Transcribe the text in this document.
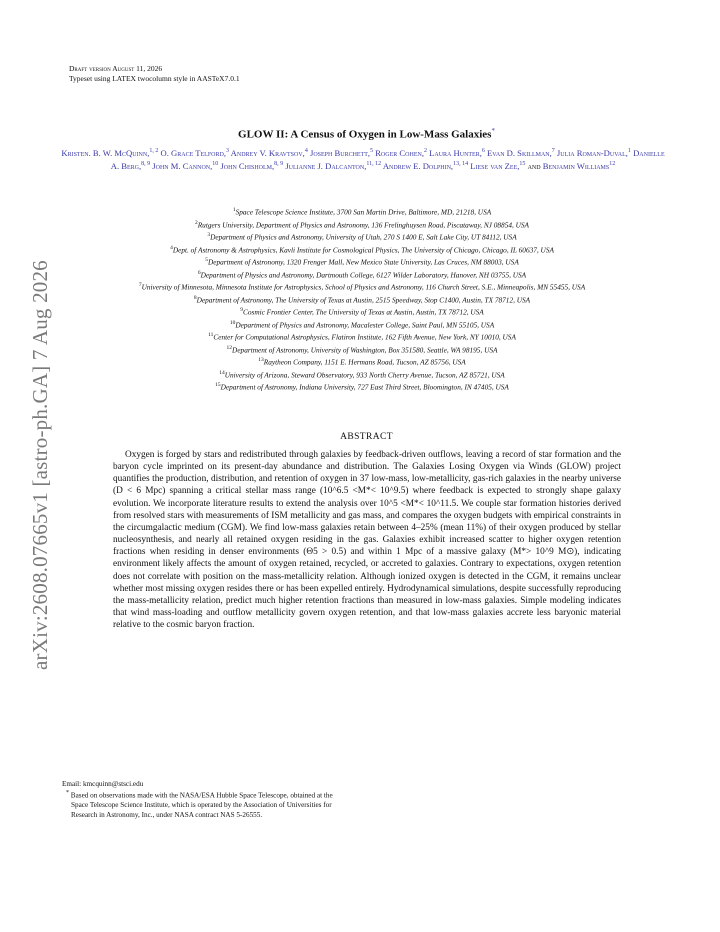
arXiv:2608.07665v1 [astro-ph.GA] 7 Aug 2026
Draft version August 11, 2026
Typeset using LATEX twocolumn style in AASTeX7.0.1
GLOW II: A Census of Oxygen in Low-Mass Galaxies*
Kristen. B. W. McQuinn,$^{1, 2}$ O. Grace Telford,$^3$ Andrey V. Kravtsov,$^4$ Joseph Burchett,$^5$ Roger Cohen,$^2$ Laura Hunter,$^6$ Evan D. Skillman,$^7$ Julia Roman-Duval,$^1$ Danielle A. Berg,$^{8, 9}$ John M. Cannon,$^{10}$ John Chisholm,$^{8, 9}$ Julianne J. Dalcanton,$^{11, 12}$ Andrew E. Dolphin,$^{13, 14}$ Liese van Zee,$^{15}$ and Benjamin Williams$^{12}$
$^1$Space Telescope Science Institute, 3700 San Martin Drive, Baltimore, MD, 21218, USA
$^2$Rutgers University, Department of Physics and Astronomy, 136 Frelinghuysen Road, Piscataway, NJ 08854, USA
$^3$Department of Physics and Astronomy, University of Utah, 270 S 1400 E, Salt Lake City, UT 84112, USA
$^4$Dept. of Astronomy & Astrophysics, Kavli Institute for Cosmological Physics, The University of Chicago, Chicago, IL 60637, USA
$^5$Department of Astronomy, 1320 Frenger Mall, New Mexico State University, Las Cruces, NM 88003, USA
$^6$Department of Physics and Astronomy, Dartmouth College, 6127 Wilder Laboratory, Hanover, NH 03755, USA
$^7$University of Minnesota, Minnesota Institute for Astrophysics, School of Physics and Astronomy, 116 Church Street, S.E., Minneapolis, MN 55455, USA
$^8$Department of Astronomy, The University of Texas at Austin, 2515 Speedway, Stop C1400, Austin, TX 78712, USA
$^9$Cosmic Frontier Center, The University of Texas at Austin, Austin, TX 78712, USA
$^{10}$Department of Physics and Astronomy, Macalester College, Saint Paul, MN 55105, USA
$^{11}$Center for Computational Astrophysics, Flatiron Institute, 162 Fifth Avenue, New York, NY 10010, USA
$^{12}$Department of Astronomy, University of Washington, Box 351580, Seattle, WA 98195, USA
$^{13}$Raytheon Company, 1151 E. Hermans Road, Tucson, AZ 85756, USA
$^{14}$University of Arizona, Steward Observatory, 933 North Cherry Avenue, Tucson, AZ 85721, USA
$^{15}$Department of Astronomy, Indiana University, 727 East Third Street, Bloomington, IN 47405, USA
ABSTRACT
Oxygen is forged by stars and redistributed through galaxies by feedback-driven outflows, leaving a record of star formation and the baryon cycle imprinted on its present-day abundance and distribution. The Galaxies Losing Oxygen via Winds (GLOW) project quantifies the production, distribution, and retention of oxygen in 37 low-mass, low-metallicity, gas-rich galaxies in the nearby universe (D < 6 Mpc) spanning a critical stellar mass range (10^6.5 <M*< 10^9.5) where feedback is expected to strongly shape galaxy evolution. We incorporate literature results to extend the analysis over 10^5 <M*< 10^11.5. We couple star formation histories derived from resolved stars with measurements of ISM metallicity and gas mass, and compares the oxygen budgets with empirical constraints in the circumgalactic medium (CGM). We find low-mass galaxies retain between 4–25% (mean 11%) of their oxygen produced by stellar nucleosynthesis, and nearly all retained oxygen residing in the gas. Galaxies exhibit increased scatter to higher oxygen retention fractions when residing in denser environments (Θ5 > 0.5) and within 1 Mpc of a massive galaxy (M*> 10^9 M⊙), indicating environment likely affects the amount of oxygen retained, recycled, or accreted to galaxies. Contrary to expectations, oxygen retention does not correlate with position on the mass-metallicity relation. Although ionized oxygen is detected in the CGM, it remains unclear whether most missing oxygen resides there or has been expelled entirely. Hydrodynamical simulations, despite successfully reproducing the mass-metallicity relation, predict much higher retention fractions than measured in low-mass galaxies. Simple modeling indicates that wind mass-loading and outflow metallicity govern oxygen retention, and that low-mass galaxies accrete less baryonic material relative to the cosmic baryon fraction.
Email: kmcquinn@stsci.edu
* Based on observations made with the NASA/ESA Hubble Space Telescope, obtained at the Space Telescope Science Institute, which is operated by the Association of Universities for Research in Astronomy, Inc., under NASA contract NAS 5-26555.
